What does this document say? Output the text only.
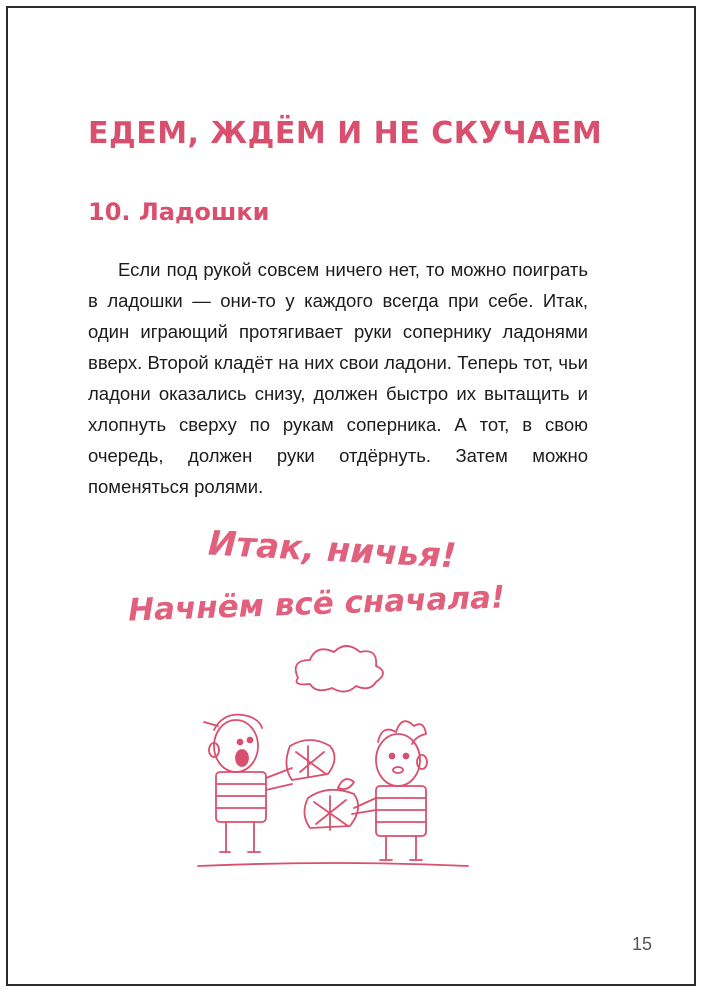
ЕДЕМ, ЖДЁМ И НЕ СКУЧАЕМ
10. Ладошки

Если под рукой совсем ничего нет, то можно поиграть в ладошки — они-то у каждого всегда при себе. Итак, один играющий протягивает руки сопернику ладонями вверх. Второй кладёт на них свои ладони. Теперь тот, чьи ладони оказались снизу, должен быстро их вытащить и хлопнуть сверху по рукам соперника. А тот, в свою очередь, должен руки отдёрнуть. Затем можно поменяться ролями.

Итак, ничья!
Начнём всё сначала!
15
